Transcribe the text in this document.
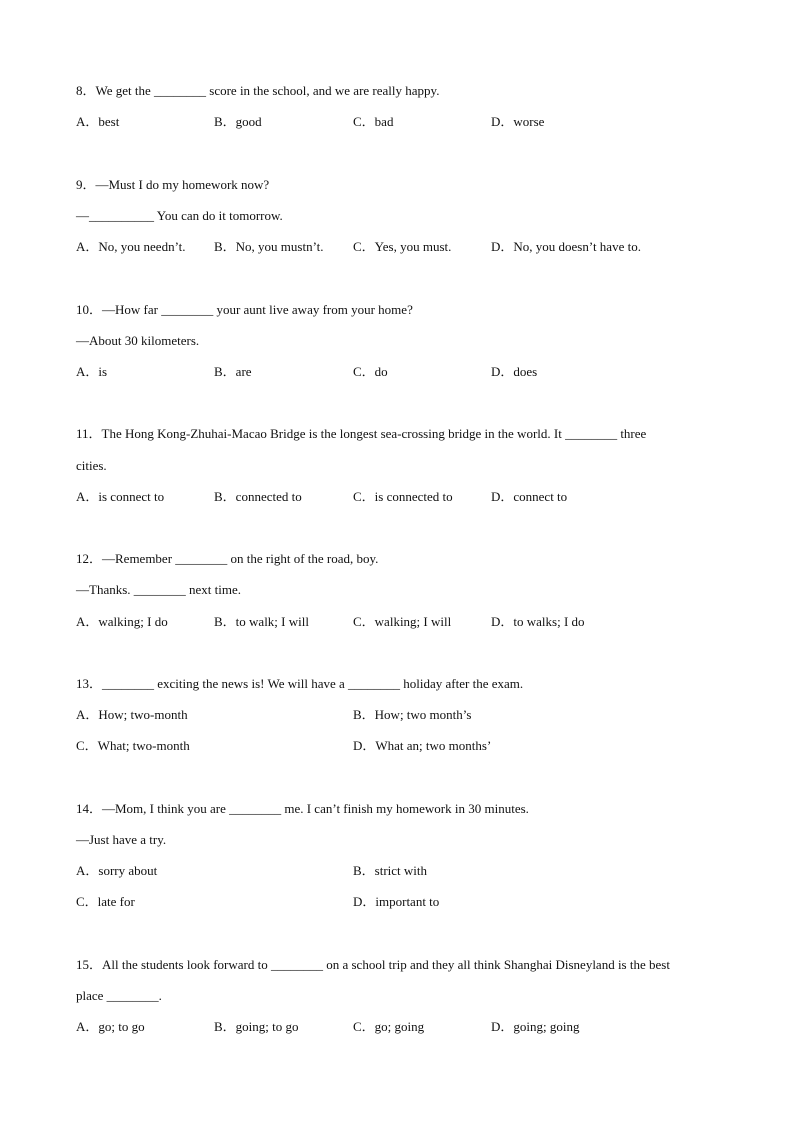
8．We get the ________ score in the school, and we are really happy.
A．best	B．good	C．bad	D．worse
9．—Must I do my homework now?
—__________ You can do it tomorrow.
A．No, you needn’t. B．No, you mustn’t. C．Yes, you must.	D．No, you doesn’t have to.
10．—How far ________ your aunt live away from your home?
—About 30 kilometers.
A．is	B．are	C．do	D．does
11．The Hong Kong-Zhuhai-Macao Bridge is the longest sea-crossing bridge in the world. It ________ three
cities.
A．is connect to	B．connected to	C．is connected to	D．connect to
12．—Remember ________ on the right of the road, boy.
—Thanks. ________ next time.
A．walking; I do	B．to walk; I will	C．walking; I will	D．to walks; I do
13．________ exciting the news is! We will have a ________ holiday after the exam.
A．How; two-month	B．How; two month’s
C．What; two-month	D．What an; two months’
14．—Mom, I think you are ________ me. I can’t finish my homework in 30 minutes.
—Just have a try.
A．sorry about	B．strict with
C．late for	D．important to
15．All the students look forward to ________ on a school trip and they all think Shanghai Disneyland is the best
place ________.
A．go; to go	B．going; to go	C．go; going	D．going; going
